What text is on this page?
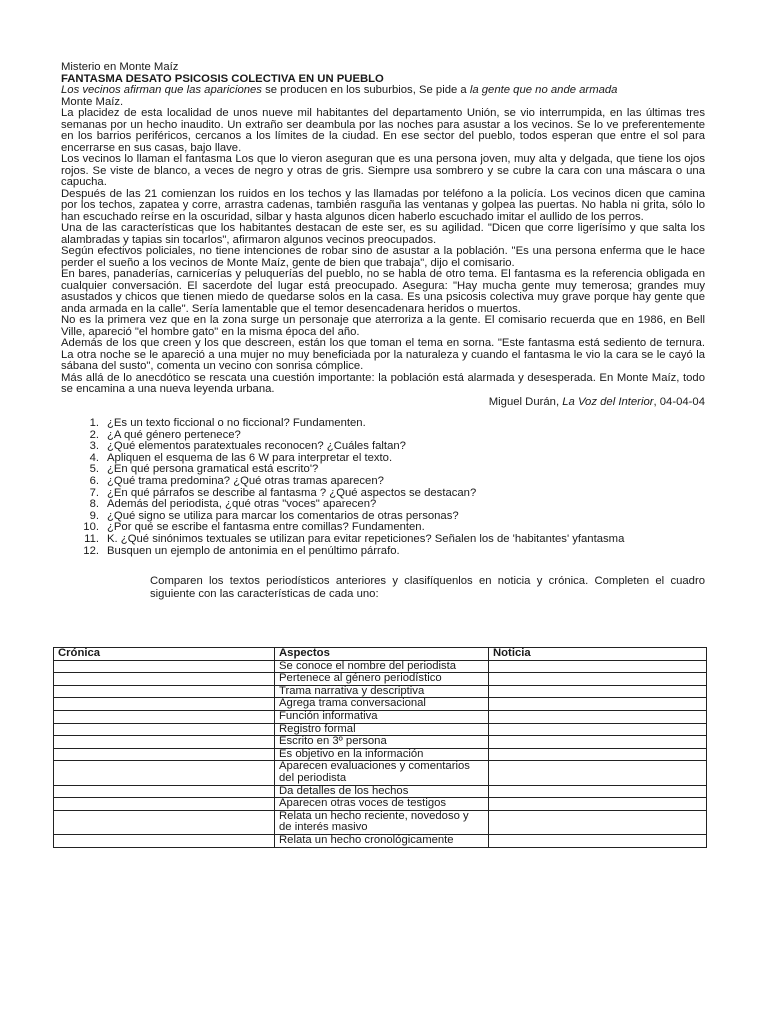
Misterio en Monte Maíz
FANTASMA DESATO PSICOSIS COLECTIVA EN UN PUEBLO
Los vecinos afirman que las apariciones se producen en los suburbios, Se pide a la gente que no ande armada
Monte Maíz.
La placidez de esta localidad de unos nueve mil habitantes del departamento Unión, se vio interrumpida, en las últimas tres semanas por un hecho inaudito. Un extraño ser deambula por las noches para asustar a los vecinos. Se lo ve preferentemente en los barrios periféricos, cercanos a los límites de la ciudad. En ese sector del pueblo, todos esperan que entre el sol para encerrarse en sus casas, bajo llave.
Los vecinos lo llaman el fantasma Los que lo vieron aseguran que es una persona joven, muy alta y delgada, que tiene los ojos rojos. Se viste de blanco, a veces de negro y otras de gris. Siempre usa sombrero y se cubre la cara con una máscara o una capucha.
Después de las 21 comienzan los ruidos en los techos y las llamadas por teléfono a la policía. Los vecinos dicen que camina por los techos, zapatea y corre, arrastra cadenas, también rasguña las ventanas y golpea las puertas. No habla ni grita, sólo lo han escuchado reírse en la oscuridad, silbar y hasta algunos dicen haberlo escuchado imitar el aullido de los perros.
Una de las características que los habitantes destacan de este ser, es su agilidad. "Dicen que corre ligerísimo y que salta los alambradas y tapias sin tocarlos", afirmaron algunos vecinos preocupados.
Según efectivos policiales, no tiene intenciones de robar sino de asustar a la población. "Es una persona enferma que le hace perder el sueño a los vecinos de Monte Maíz, gente de bien que trabaja", dijo el comisario.
En bares, panaderías, carnicerías y peluquerías del pueblo, no se habla de otro tema. El fantasma es la referencia obligada en cualquier conversación. El sacerdote del lugar está preocupado. Asegura: "Hay mucha gente muy temerosa; grandes muy asustados y chicos que tienen miedo de quedarse solos en la casa. Es una psicosis colectiva muy grave porque hay gente que anda armada en la calle". Sería lamentable que el temor desencadenara heridos o muertos.
No es la primera vez que en la zona surge un personaje que aterroriza a la gente. El comisario recuerda que en 1986, en Bell Ville, apareció "el hombre gato" en la misma época del año.
Además de los que creen y los que descreen, están los que toman el tema en sorna. "Este fantasma está sediento de ternura. La otra noche se le apareció a una mujer no muy beneficiada por la naturaleza y cuando el fantasma le vio la cara se le cayó la sábana del susto", comenta un vecino con sonrisa cómplice.
Más allá de lo anecdótico se rescata una cuestión importante: la población está alarmada y desesperada. En Monte Maíz, todo se encamina a una nueva leyenda urbana.
Miguel Durán, La Voz del Interior, 04-04-04
1. ¿Es un texto ficcional o no ficcional? Fundamenten.
2. ¿A qué género pertenece?
3. ¿Qué elementos paratextuales reconocen? ¿Cuáles faltan?
4. Apliquen el esquema de las 6 W para interpretar el texto.
5. ¿En qué persona gramatical está escrito'?
6. ¿Qué trama predomina? ¿Qué otras tramas aparecen?
7. ¿En qué párrafos se describe al fantasma ? ¿Qué aspectos se destacan?
8. Además del periodista, ¿qué otras "voces" aparecen?
9. ¿Qué signo se utiliza para marcar los comentarios de otras personas?
10. ¿Por qué se escribe el fantasma entre comillas? Fundamenten.
11. K. ¿Qué sinónimos textuales se utilizan para evitar repeticiones? Señalen los de 'habitantes' yfantasma
12. Busquen un ejemplo de antonimia en el penúltimo párrafo.
Comparen los textos periodísticos anteriores y clasifíquenlos en noticia y crónica. Completen el cuadro siguiente con las características de cada uno:
Crónica	Aspectos	Noticia
	Se conoce el nombre del periodista	
	Pertenece al género periodístico	
	Trama narrativa y descriptiva	
	Agrega trama conversacional	
	Función informativa	
	Registro formal	
	Escrito en 3º persona	
	Es objetivo en la información	
	Aparecen evaluaciones y comentarios del periodista	
	Da detalles de los hechos	
	Aparecen otras voces de testigos	
	Relata un hecho reciente, novedoso y de interés masivo	
	Relata un hecho cronológicamente	
